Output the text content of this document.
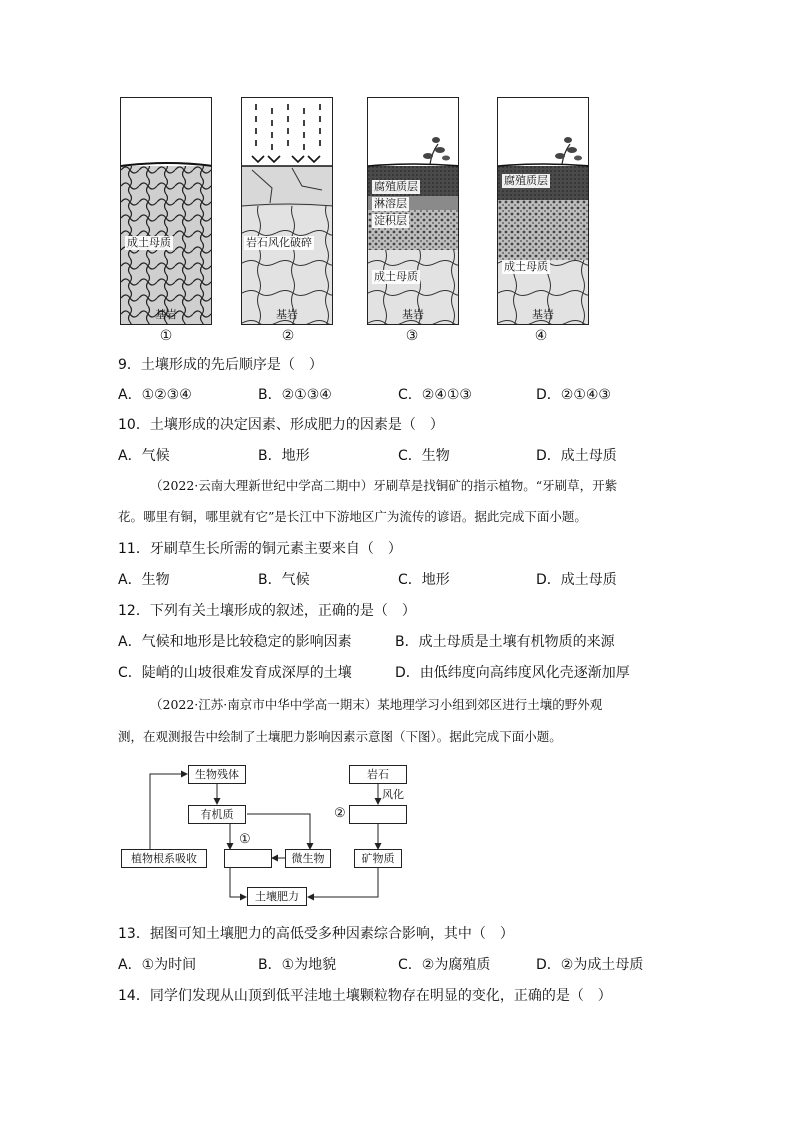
成土母质
基岩
①
岩石风化破碎
基岩
②
腐殖质层
淋溶层
淀积层
成土母质
基岩
③
腐殖质层
成土母质
基岩
④
9．土壤形成的先后顺序是（　）
A．①②③④	B．②①③④	C．②④①③	D．②①④③
10．土壤形成的决定因素、形成肥力的因素是（　）
A．气候	B．地形	C．生物	D．成土母质
（2022·云南大理新世纪中学高二期中）牙刷草是找铜矿的指示植物。“牙刷草，开紫
花。哪里有铜，哪里就有它”是长江中下游地区广为流传的谚语。据此完成下面小题。
11．牙刷草生长所需的铜元素主要来自（　）
A．生物	B．气候	C．地形	D．成土母质
12．下列有关土壤形成的叙述，正确的是（　）
A．气候和地形是比较稳定的影响因素	B．成土母质是土壤有机物质的来源
C．陡峭的山坡很难发育成深厚的土壤	D．由低纬度向高纬度风化壳逐渐加厚
（2022·江苏·南京市中华中学高一期末）某地理学习小组到郊区进行土壤的野外观
测，在观测报告中绘制了土壤肥力影响因素示意图（下图）。据此完成下面小题。
生物残体
有机质
植物根系吸收	微生物
土壤肥力
岩石
矿物质
风化
①
②
13．据图可知土壤肥力的高低受多种因素综合影响，其中（　）
A．①为时间	B．①为地貌	C．②为腐殖质	D．②为成土母质
14．同学们发现从山顶到低平洼地土壤颗粒物存在明显的变化，正确的是（　）
